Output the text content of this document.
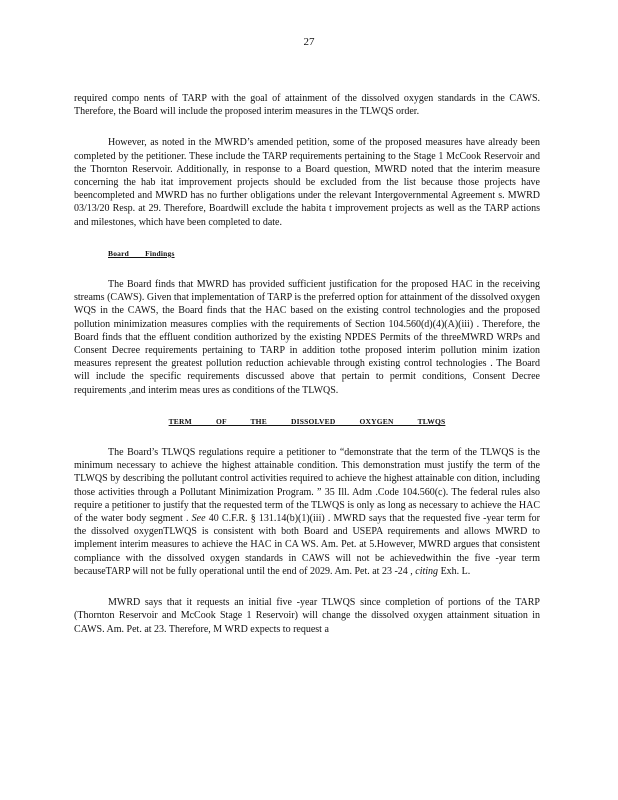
27

required compo nents of TARP with the goal of attainment of the dissolved oxygen standards in the CAWS. Therefore, the Board will include the proposed interim measures in the TLWQS order.

However, as noted in the MWRD’s amended petition, some of the proposed measures have already been completed by the petitioner. These include the TARP requirements pertaining to the Stage 1 McCook Reservoir and the Thornton Reservoir. Additionally, in response to a Board question, MWRD noted that the interim measure concerning the hab itat improvement projects should be excluded from the list because those projects have beencompleted and MWRD has no further obligations under the relevant Intergovernmental Agreement s. MWRD 03/13/20 Resp. at 29. Therefore, Boardwill exclude the habita t improvement projects as well as the TARP actions and milestones, which have been completed to date.

Board Findings

The Board finds that MWRD has provided sufficient justification for the proposed HAC in the receiving streams (CAWS). Given that implementation of TARP is the preferred option for attainment of the dissolved oxygen WQS in the CAWS, the Board finds that the HAC based on the existing control technologies and the proposed pollution minimization measures complies with the requirements of Section 104.560(d)(4)(A)(iii) . Therefore, the Board finds that the effluent condition authorized by the existing NPDES Permits of the threeMWRD WRPs and Consent Decree requirements pertaining to TARP in addition tothe proposed interim pollution minim ization measures represent the greatest pollution reduction achievable through existing control technologies . The Board will include the specific requirements discussed above that pertain to permit conditions, Consent Decree requirements ,and interim meas ures as conditions of the TLWQS.

TERM OF THE DISSOLVED OXYGEN TLWQS

The Board’s TLWQS regulations require a petitioner to “demonstrate that the term of the TLWQS is the minimum necessary to achieve the highest attainable condition. This demonstration must justify the term of the TLWQS by describing the pollutant control activities required to achieve the highest attainable con dition, including those activities through a Pollutant Minimization Program. ” 35 Ill. Adm .Code 104.560(c). The federal rules also require a petitioner to justify that the requested term of the TLWQS is only as long as necessary to achieve the HAC of the water body segment . See 40 C.F.R. § 131.14(b)(1)(iii) . MWRD says that the requested five -year term for the dissolved oxygenTLWQS is consistent with both Board and USEPA requirements and allows MWRD to implement interim measures to achieve the HAC in CA WS. Am. Pet. at 5.However, MWRD argues that consistent compliance with the dissolved oxygen standards in CAWS will not be achievedwithin the five -year term becauseTARP will not be fully operational until the end of 2029. Am. Pet. at 23 -24 , citing Exh. L.

MWRD says that it requests an initial five -year TLWQS since completion of portions of the TARP (Thornton Reservoir and McCook Stage 1 Reservoir) will change the dissolved oxygen attainment situation in CAWS. Am. Pet. at 23. Therefore, M WRD expects to request a
